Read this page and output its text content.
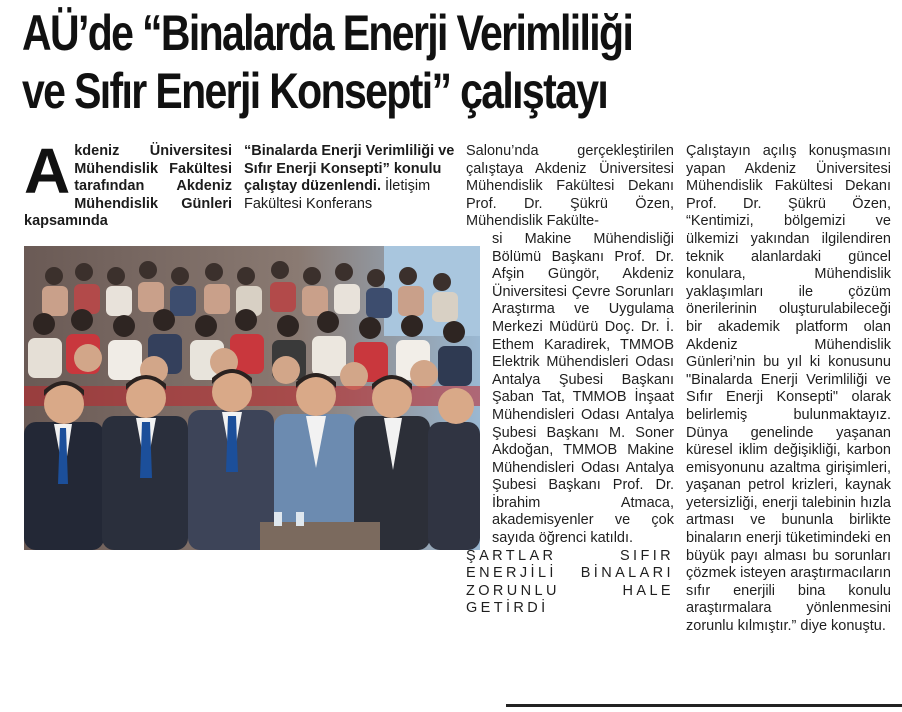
AÜ’de “Binalarda Enerji Verimliliği
ve Sıfır Enerji Konsepti” çalıştayı
A kdeniz Üniversitesi Mühendislik Fakültesi tarafından Akdeniz Mühendislik Günleri kapsamında
“Binalarda Enerji Verimliliği ve Sıfır Enerji Konsepti” konulu çalıştay düzenlendi. İletişim Fakültesi Konferans

Salonu’nda gerçekleştirilen çalıştaya Akdeniz Üniversitesi Mühendislik Fakültesi Dekanı Prof. Dr. Şükrü Özen, Mühendislik Fakülte-

si Makine Mühendisliği Bölümü Başkanı Prof. Dr. Afşin Güngör, Akdeniz Üniversitesi Çevre Sorunları Araştırma ve Uygulama Merkezi Müdürü Doç. Dr. İ. Ethem Karadirek, TMMOB Elektrik Mühendisleri Odası Antalya Şubesi Başkanı Şaban Tat, TMMOB İnşaat Mühendisleri Odası Antalya Şubesi Başkanı M. Soner Akdoğan, TMMOB Makine Mühendisleri Odası Antalya Şubesi Başkanı Prof. Dr. İbrahim Atmaca, akademisyenler ve çok sayıda öğrenci katıldı.

ŞARTLAR SIFIR ENERJİLİ BİNALARI ZORUNLU HALE GETİRDİ

Çalıştayın açılış konuşmasını yapan Akdeniz Üniversitesi Mühendislik Fakültesi Dekanı Prof. Dr. Şükrü Özen, “Kentimizi, bölgemizi ve ülkemizi yakından ilgilendiren teknik alanlardaki güncel konulara, Mühendislik yaklaşımları ile çözüm önerilerinin oluşturulabileceği bir akademik platform olan Akdeniz Mühendislik Günleri’nin bu yıl ki konusunu "Binalarda Enerji Verimliliği ve Sıfır Enerji Konsepti" olarak belirlemiş bulunmaktayız. Dünya genelinde yaşanan küresel iklim değişikliği, karbon emisyonunu azaltma girişimleri, yaşanan petrol krizleri, kaynak yetersizliği, enerji talebinin hızla artması ve bununla birlikte binaların enerji tüketimindeki en büyük payı alması bu sorunları çözmek isteyen araştırmacıların sıfır enerjili bina konulu araştırmalara yönlenmesini zorunlu kılmıştır.” diye konuştu.
